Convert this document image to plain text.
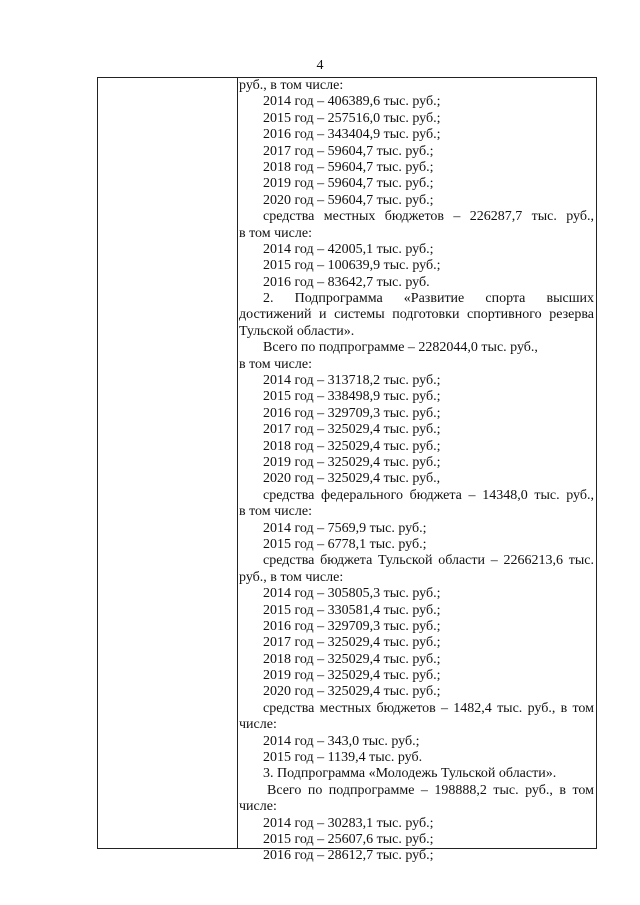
4
руб., в том числе:
2014 год – 406389,6 тыс. руб.;
2015 год – 257516,0 тыс. руб.;
2016 год – 343404,9 тыс. руб.;
2017 год – 59604,7 тыс. руб.;
2018 год – 59604,7 тыс. руб.;
2019 год – 59604,7 тыс. руб.;
2020 год – 59604,7 тыс. руб.;
средства местных бюджетов – 226287,7 тыс. руб.,
в том числе:
2014 год – 42005,1 тыс. руб.;
2015 год – 100639,9 тыс. руб.;
2016 год – 83642,7 тыс. руб.
2. Подпрограмма «Развитие спорта высших
достижений и системы подготовки спортивного резерва
Тульской области».
Всего по подпрограмме – 2282044,0 тыс. руб.,
в том числе:
2014 год – 313718,2 тыс. руб.;
2015 год – 338498,9 тыс. руб.;
2016 год – 329709,3 тыс. руб.;
2017 год – 325029,4 тыс. руб.;
2018 год – 325029,4 тыс. руб.;
2019 год – 325029,4 тыс. руб.;
2020 год – 325029,4 тыс. руб.,
средства федерального бюджета – 14348,0 тыс. руб.,
в том числе:
2014 год – 7569,9 тыс. руб.;
2015 год – 6778,1 тыс. руб.;
средства бюджета Тульской области – 2266213,6 тыс.
руб., в том числе:
2014 год – 305805,3 тыс. руб.;
2015 год – 330581,4 тыс. руб.;
2016 год – 329709,3 тыс. руб.;
2017 год – 325029,4 тыс. руб.;
2018 год – 325029,4 тыс. руб.;
2019 год – 325029,4 тыс. руб.;
2020 год – 325029,4 тыс. руб.;
средства местных бюджетов – 1482,4 тыс. руб., в том
числе:
2014 год – 343,0 тыс. руб.;
2015 год – 1139,4 тыс. руб.
3. Подпрограмма «Молодежь Тульской области».
Всего по подпрограмме – 198888,2 тыс. руб., в том
числе:
2014 год – 30283,1 тыс. руб.;
2015 год – 25607,6 тыс. руб.;
2016 год – 28612,7 тыс. руб.;
